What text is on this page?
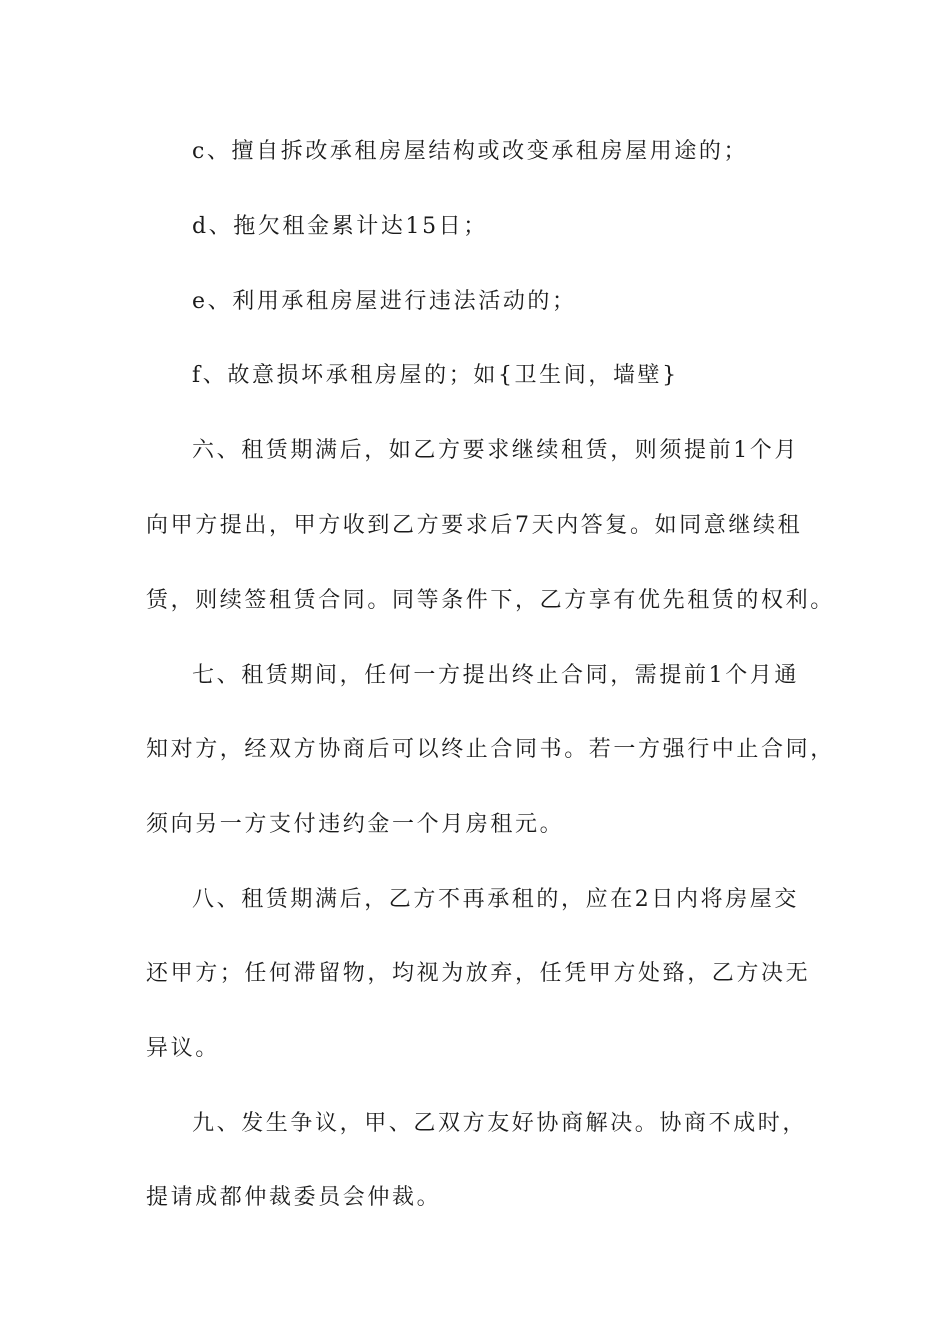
c、擅自拆改承租房屋结构或改变承租房屋用途的；
d、拖欠租金累计达15日；
e、利用承租房屋进行违法活动的；
f、故意损坏承租房屋的；如{卫生间，墙壁}
六、租赁期满后，如乙方要求继续租赁，则须提前1个月
向甲方提出，甲方收到乙方要求后7天内答复。如同意继续租
赁，则续签租赁合同。同等条件下，乙方享有优先租赁的权利。
七、租赁期间，任何一方提出终止合同，需提前1个月通
知对方，经双方协商后可以终止合同书。若一方强行中止合同，
须向另一方支付违约金一个月房租元。
八、租赁期满后，乙方不再承租的，应在2日内将房屋交
还甲方；任何滞留物，均视为放弃，任凭甲方处臵，乙方决无
异议。
九、发生争议，甲、乙双方友好协商解决。协商不成时，
提请成都仲裁委员会仲裁。
